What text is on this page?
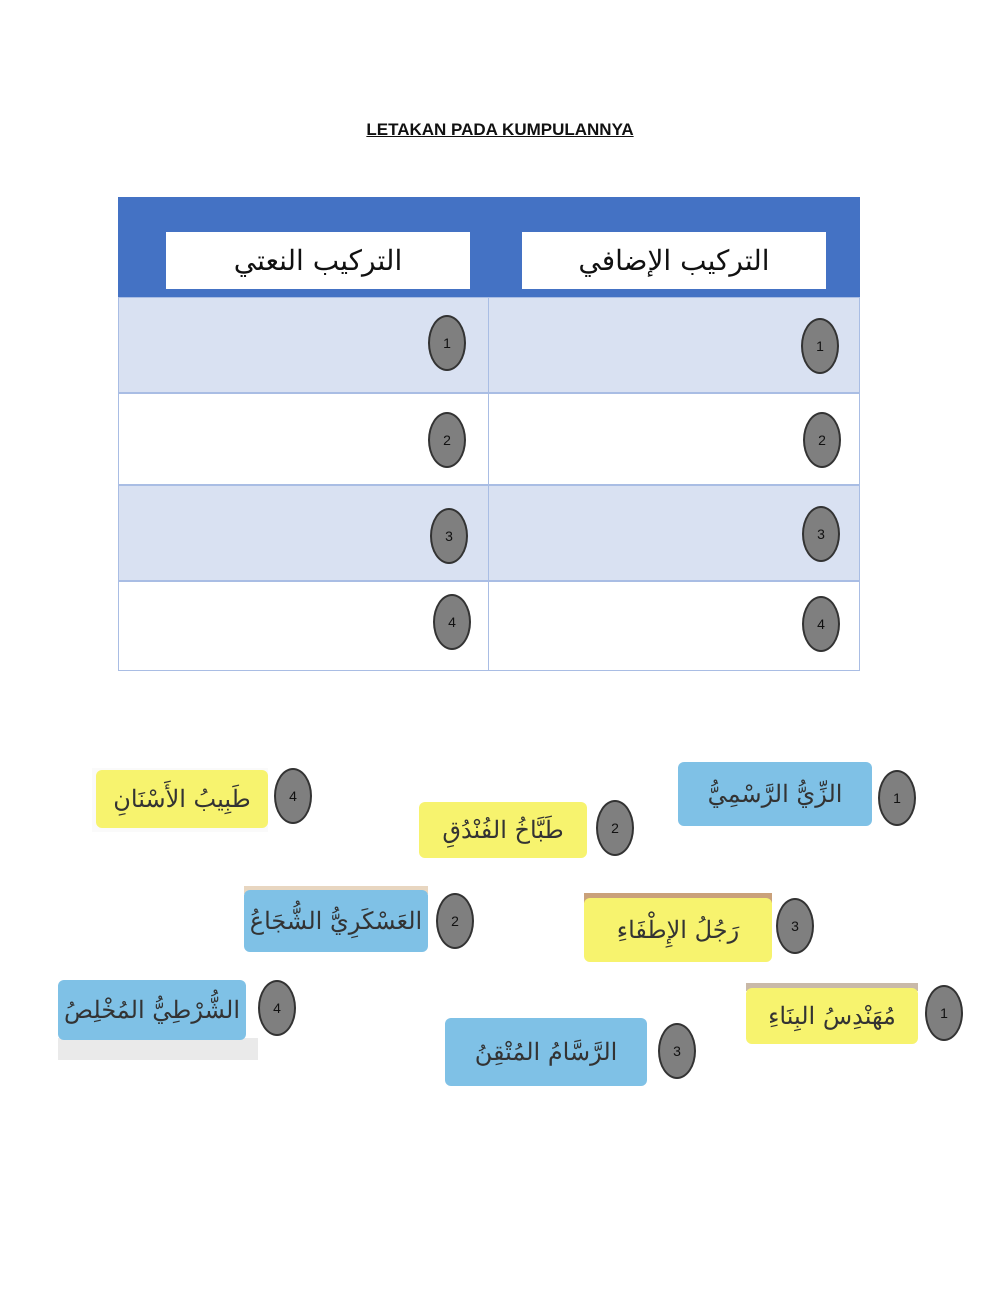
LETAKAN PADA KUMPULANNYA
التركيب النعتي	التركيب الإضافي
1	1
2	2
3	3
4	4
طَبِيبُ الأَسْنَانِ	4	الزِّيُّ الرَّسْمِيُّ	1
طَبَّاخُ الفُنْدُقِ	2
العَسْكَرِيُّ الشُّجَاعُ	2	رَجُلُ الإِطْفَاءِ	3
الشُّرْطِيُّ المُخْلِصُ	4	مُهَنْدِسُ البِنَاءِ	1
الرَّسَّامُ المُتْقِنُ	3
